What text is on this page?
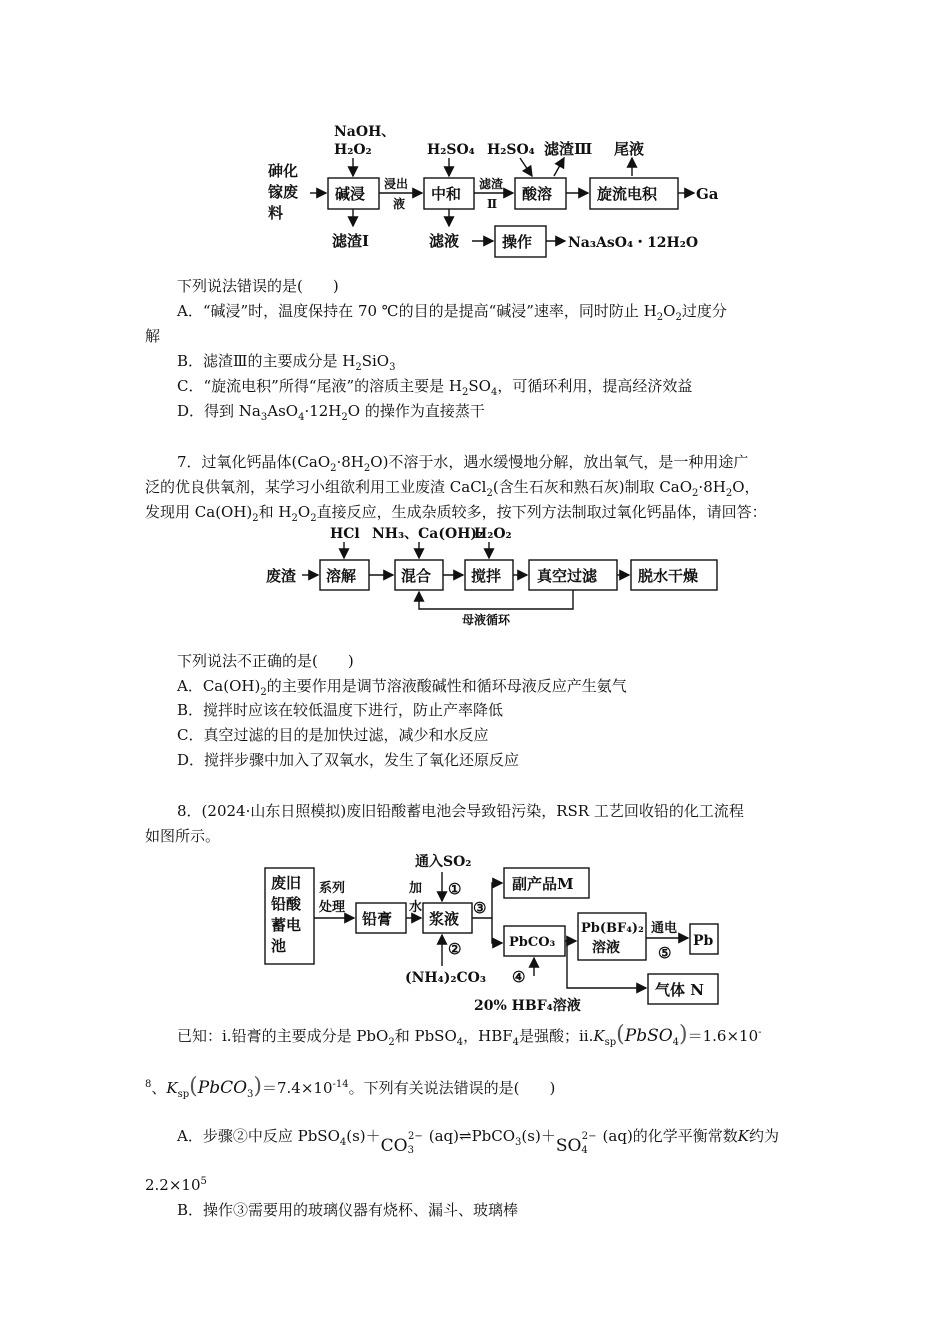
砷化
镓废
料
碱浸
NaOH、
H₂O₂
浸出
液
滤渣Ⅰ
中和
H₂SO₄
滤液
滤渣
Ⅱ
酸溶
H₂SO₄ 滤渣Ⅲ
旋流电积
尾液
Ga
操作	Na₃AsO₄・12H₂O
下列说法错误的是(　　)
A．“碱浸”时，温度保持在 70 ℃的目的是提高“碱浸”速率，同时防止 $H_2O_2$过度分
解
B．滤渣Ⅲ的主要成分是 $H_2SiO_3$
C．“旋流电积”所得“尾液”的溶质主要是 $H_2SO_4$，可循环利用，提高经济效益
D．得到 $Na_3AsO_4\cdot 12H_2O$ 的操作为直接蒸干
7．过氧化钙晶体$(CaO_2\cdot 8H_2O)$不溶于水，遇水缓慢地分解，放出氧气，是一种用途广
泛的优良供氧剂，某学习小组欲利用工业废渣 CaCl$_2$(含生石灰和熟石灰)制取 $CaO_2\cdot 8H_2O$，
发现用 $Ca(OH)_2$和 $H_2O_2$直接反应，生成杂质较多，按下列方法制取过氧化钙晶体，请回答：
废渣 溶解
HCl
混合
NH₃、Ca(OH)₂
搅拌
H₂O₂
真空过滤	脱水干燥
母液循环
下列说法不正确的是(　　)
A．$Ca(OH)_2$的主要作用是调节溶液酸碱性和循环母液反应产生氨气
B．搅拌时应该在较低温度下进行，防止产率降低
C．真空过滤的目的是加快过滤，减少和水反应
D．搅拌步骤中加入了双氧水，发生了氧化还原反应
8．(2024·山东日照模拟)废旧铅酸蓄电池会导致铅污染，RSR 工艺回收铅的化工流程
如图所示。
废旧
铅酸
蓄电
池
系列
处理
铅膏
加
水
浆液
通入SO₂
①
②
(NH₄)₂CO₃
③
副产品M
PbCO₃
④
20% HBF₄溶液
Pb(BF₄)₂
溶液
通电
⑤
Pb
气体 N
已知：ⅰ.铅膏的主要成分是 PbO$_2$和 PbSO$_4$，$HBF_4$是强酸；$ⅱ.K_{sp}(PbSO_4)=1.6\times 10^-$
$^8$、$K_{sp}(PbCO_3)=7.4\times 10^{-14}$。下列有关说法错误的是(　　)
A．步骤②中反应 $PbSO_4(s)+CO_32-$ $(aq)\rightleftharpoons PbCO_3(s)+SO_42- (aq)$的化学平衡常数K约为
$2.2\times 10^5$
B．操作③需要用的玻璃仪器有烧杯、漏斗、玻璃棒
